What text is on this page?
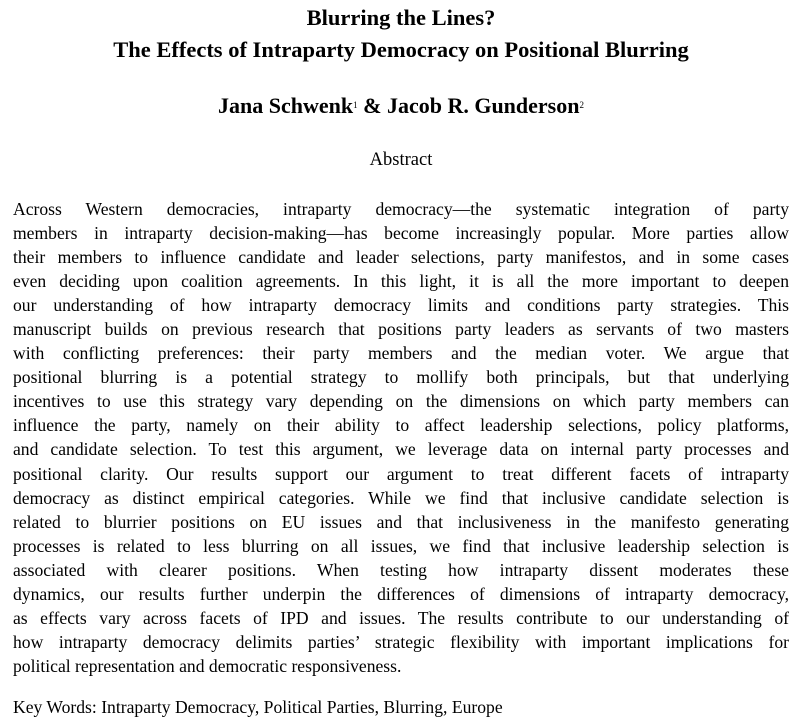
Blurring the Lines?
The Effects of Intraparty Democracy on Positional Blurring
Jana Schwenk$^1$ & Jacob R. Gunderson$^2$
Abstract
Across Western democracies, intraparty democracy—the systematic integration of party
members in intraparty decision-making—has become increasingly popular. More parties allow
their members to influence candidate and leader selections, party manifestos, and in some cases
even deciding upon coalition agreements. In this light, it is all the more important to deepen
our understanding of how intraparty democracy limits and conditions party strategies. This
manuscript builds on previous research that positions party leaders as servants of two masters
with conflicting preferences: their party members and the median voter. We argue that
positional blurring is a potential strategy to mollify both principals, but that underlying
incentives to use this strategy vary depending on the dimensions on which party members can
influence the party, namely on their ability to affect leadership selections, policy platforms,
and candidate selection. To test this argument, we leverage data on internal party processes and
positional clarity. Our results support our argument to treat different facets of intraparty
democracy as distinct empirical categories. While we find that inclusive candidate selection is
related to blurrier positions on EU issues and that inclusiveness in the manifesto generating
processes is related to less blurring on all issues, we find that inclusive leadership selection is
associated with clearer positions. When testing how intraparty dissent moderates these
dynamics, our results further underpin the differences of dimensions of intraparty democracy,
as effects vary across facets of IPD and issues. The results contribute to our understanding of
how intraparty democracy delimits parties’ strategic flexibility with important implications for
political representation and democratic responsiveness.
Key Words: Intraparty Democracy, Political Parties, Blurring, Europe
